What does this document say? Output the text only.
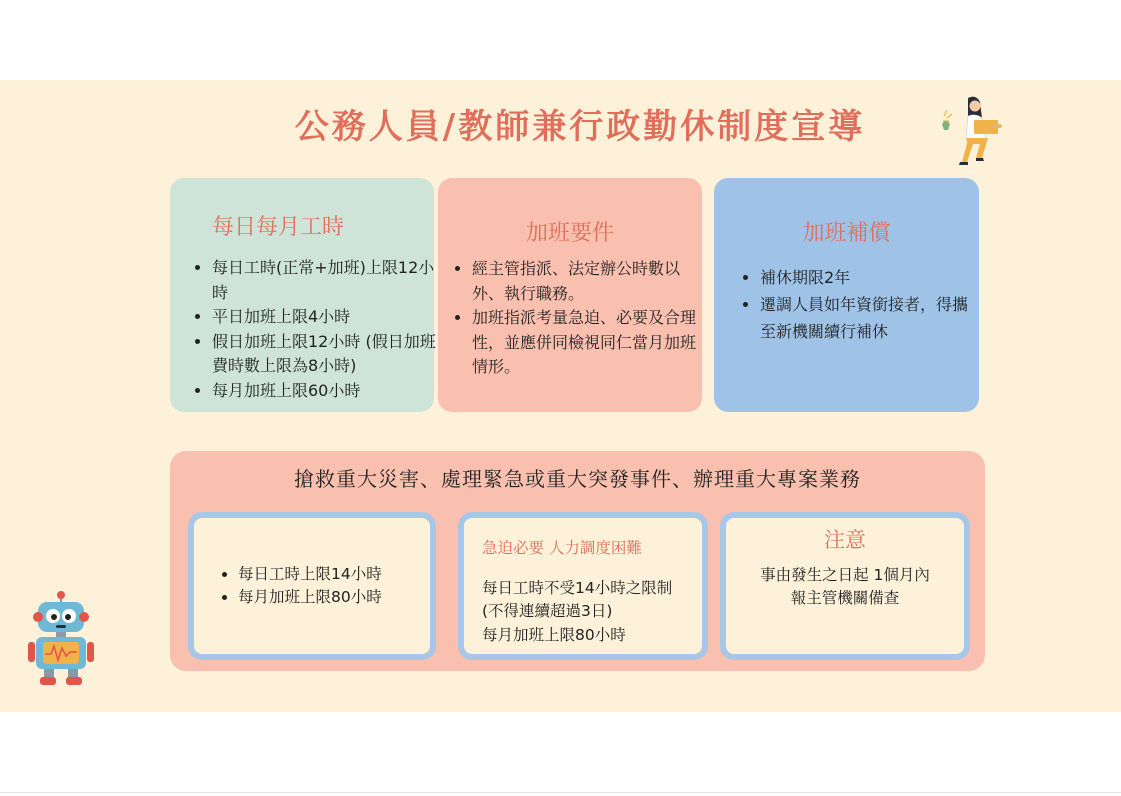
公務人員/教師兼行政勤休制度宣導
每日每月工時
• 每日工時(正常+加班)上限12小時
• 平日加班上限4小時
• 假日加班上限12小時 (假日加班費時數上限為8小時)
• 每月加班上限60小時
加班要件
• 經主管指派、法定辦公時數以外、執行職務。
• 加班指派考量急迫、必要及合理性，並應併同檢視同仁當月加班情形。
加班補償
• 補休期限2年
• 遷調人員如年資銜接者，得攜至新機關續行補休
搶救重大災害、處理緊急或重大突發事件、辦理重大專案業務
• 每日工時上限14小時
• 每月加班上限80小時
急迫必要 人力調度困難
每日工時不受14小時之限制
(不得連續超過3日)
每月加班上限80小時
注意
事由發生之日起 1個月內
報主管機關備查
